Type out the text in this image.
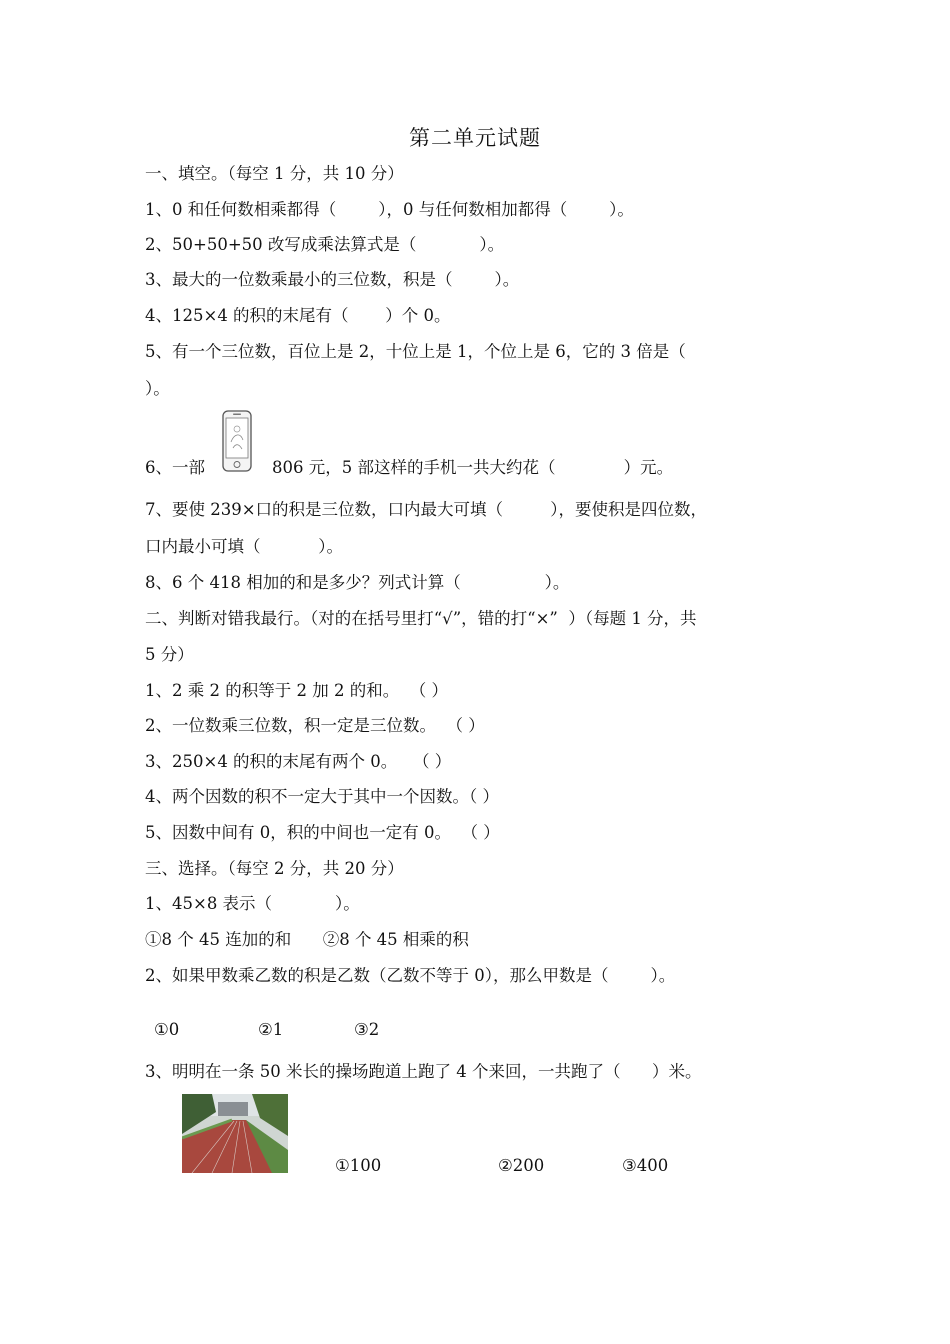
第二单元试题
一、填空。（每空 1 分，共 10 分）
1、0 和任何数相乘都得（        ），0 与任何数相加都得（        ）。
2、50+50+50 改写成乘法算式是（            ）。
3、最大的一位数乘最小的三位数，积是（        ）。
4、125×4 的积的末尾有（       ）个 0。
5、有一个三位数，百位上是 2，十位上是 1，个位上是 6，它的 3 倍是（
）。
6、一部	806 元，5 部这样的手机一共大约花（             ）元。
7、要使 239×口的积是三位数，口内最大可填（         ），要使积是四位数，
口内最小可填（           ）。
8、6 个 418 相加的和是多少？列式计算（                ）。
二、判断对错我最行。（对的在括号里打“√”，错的打“×”  ）（每题 1 分，共
5 分）
1、2 乘 2 的积等于 2 加 2 的和。  （ ）
2、一位数乘三位数，积一定是三位数。  （ ）
3、250×4 的积的末尾有两个 0。   （ ）
4、两个因数的积不一定大于其中一个因数。（ ）
5、因数中间有 0，积的中间也一定有 0。  （ ）
三、选择。（每空 2 分，共 20 分）
1、45×8 表示（            ）。
①8 个 45 连加的和      ②8 个 45 相乘的积
2、如果甲数乘乙数的积是乙数（乙数不等于 0），那么甲数是（        ）。
①0	②1	③2
3、明明在一条 50 米长的操场跑道上跑了 4 个来回，一共跑了（      ）米。
①100	②200	③400
